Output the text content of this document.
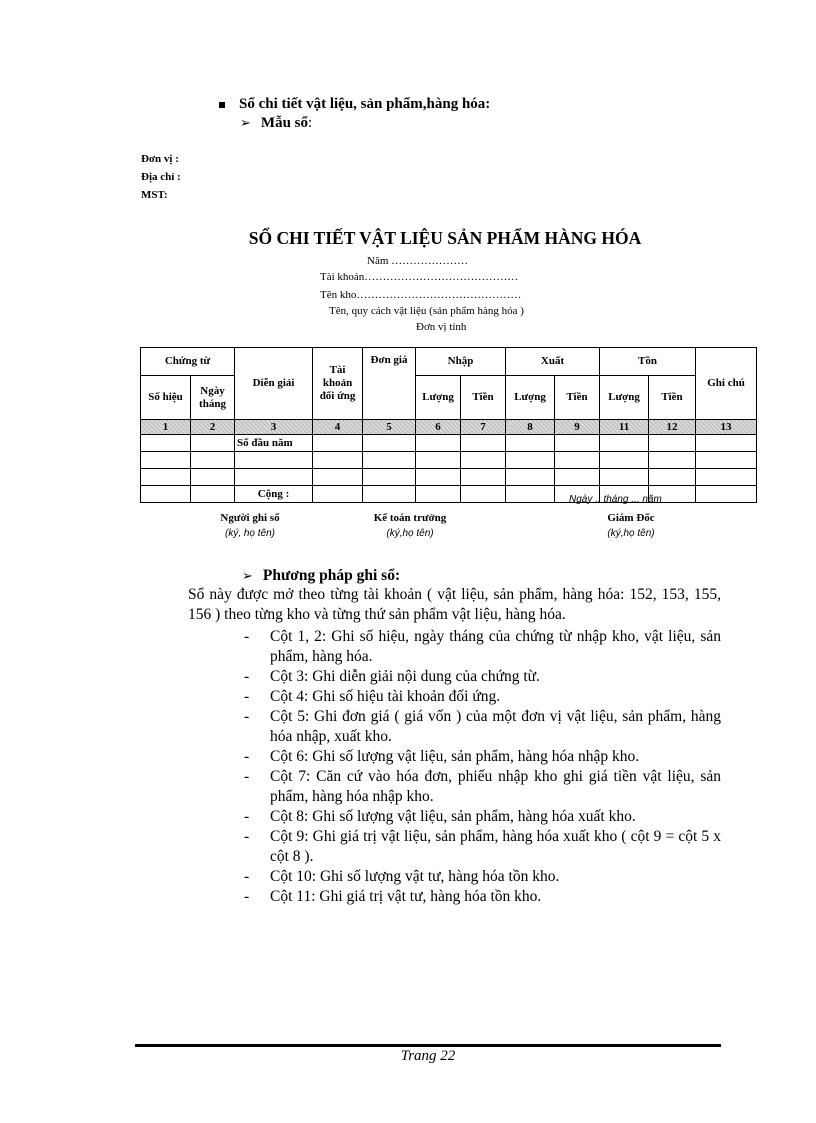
Sổ chi tiết vật liệu, sản phẩm,hàng hóa:
➢ Mẫu sổ:
Đơn vị :
Địa chỉ :
MST:
SỔ CHI TIẾT VẬT LIỆU SẢN PHẨM HÀNG HÓA
Năm …………………
Tài khoản……………………………………
Tên kho………………………………………
Tên, quy cách vật liệu (sản phẩm hàng hóa )
Đơn vị tính
Chứng từ		Diễn giải	Tài khoản đối ứng	Đơn giá	Nhập		Xuất		Tồn		Ghi chú
Số hiệu	Ngày tháng				Lượng	Tiền	Lượng	Tiền	Lượng	Tiền	
1	2	3	4	5	6	7	8	9	11	12	13
		Số đầu năm									

		Cộng :										Ngày .. tháng ... năm
Người ghi sổ
(ký, họ tên)
Kế toán trưởng
(ký,họ tên)
Giám Đốc
(ký,họ tên)
➢ Phương pháp ghi sổ:
Sổ này được mở theo từng tài khoản ( vật liệu, sản phẩm, hàng hóa: 152, 153, 155, 156 ) theo từng kho và từng thứ sản phẩm vật liệu, hàng hóa.
- Cột 1, 2: Ghi số hiệu, ngày tháng của chứng từ nhập kho, vật liệu, sản phẩm, hàng hóa.
- Cột 3: Ghi diễn giải nội dung của chứng từ.
- Cột 4: Ghi số hiệu tài khoản đối ứng.
- Cột 5: Ghi đơn giá ( giá vốn ) của một đơn vị vật liệu, sản phẩm, hàng hóa nhập, xuất kho.
- Cột 6: Ghi số lượng vật liệu, sản phẩm, hàng hóa nhập kho.
- Cột 7: Căn cứ vào hóa đơn, phiếu nhập kho ghi giá tiền vật liệu, sản phẩm, hàng hóa nhập kho.
- Cột 8: Ghi số lượng vật liệu, sản phẩm, hàng hóa xuất kho.
- Cột 9: Ghi giá trị vật liệu, sản phẩm, hàng hóa xuất kho ( cột 9 = cột 5 x cột 8 ).
- Cột 10: Ghi số lượng vật tư, hàng hóa tồn kho.
- Cột 11: Ghi giá trị vật tư, hàng hóa tồn kho.
Trang 22
